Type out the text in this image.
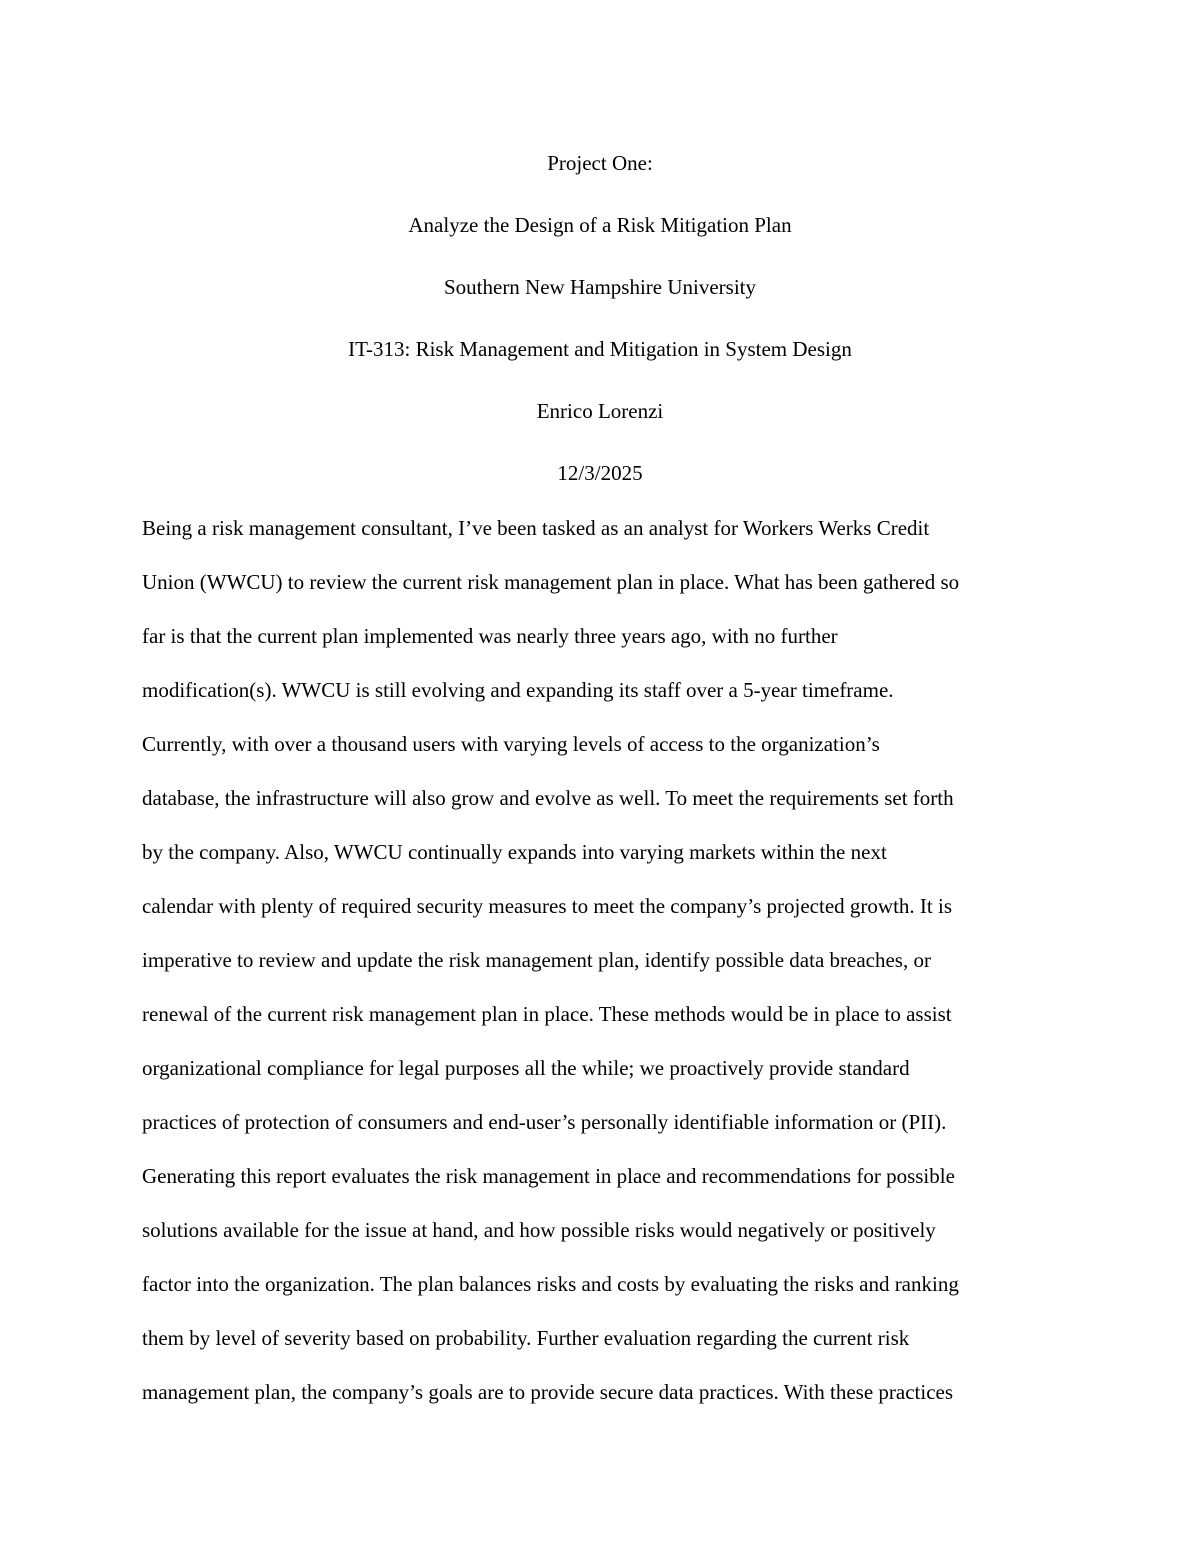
Project One:
Analyze the Design of a Risk Mitigation Plan
Southern New Hampshire University
IT-313: Risk Management and Mitigation in System Design
Enrico Lorenzi
12/3/2025
Being a risk management consultant, I’ve been tasked as an analyst for Workers Werks Credit
Union (WWCU) to review the current risk management plan in place. What has been gathered so
far is that the current plan implemented was nearly three years ago, with no further
modification(s). WWCU is still evolving and expanding its staff over a 5-year timeframe.
Currently, with over a thousand users with varying levels of access to the organization’s
database, the infrastructure will also grow and evolve as well. To meet the requirements set forth
by the company. Also, WWCU continually expands into varying markets within the next
calendar with plenty of required security measures to meet the company’s projected growth. It is
imperative to review and update the risk management plan, identify possible data breaches, or
renewal of the current risk management plan in place. These methods would be in place to assist
organizational compliance for legal purposes all the while; we proactively provide standard
practices of protection of consumers and end-user’s personally identifiable information or (PII).
Generating this report evaluates the risk management in place and recommendations for possible
solutions available for the issue at hand, and how possible risks would negatively or positively
factor into the organization. The plan balances risks and costs by evaluating the risks and ranking
them by level of severity based on probability. Further evaluation regarding the current risk
management plan, the company’s goals are to provide secure data practices. With these practices
